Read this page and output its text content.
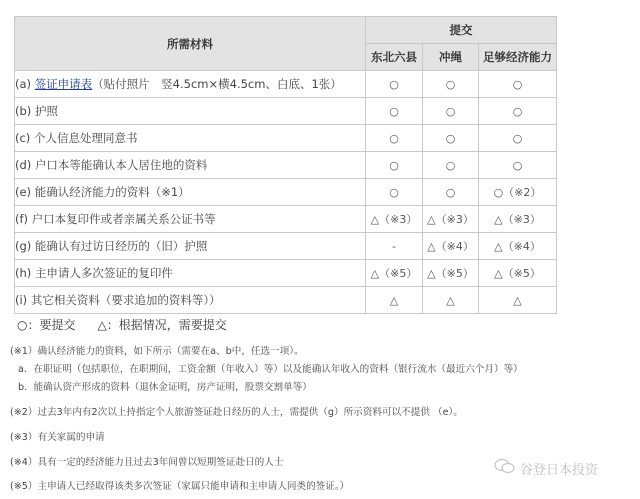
所需材料	提交		
	东北六县	冲绳	足够经济能力
(a) 签证申请表（贴付照片　竖4.5cm×横4.5cm、白底、1张）	○	○	○
(b) 护照	○	○	○
(c) 个人信息处理同意书	○	○	○
(d) 户口本等能确认本人居住地的资料	○	○	○
(e) 能确认经济能力的资料（※1）	○	○	○（※2）
(f) 户口本复印件或者亲属关系公证书等	△（※3）	△（※3）	△（※3）
(g) 能确认有过访日经历的（旧）护照	-	△（※4）	△（※4）
(h) 主申请人多次签证的复印件	△（※5）	△（※5）	△（※5）
(i) 其它相关资料（要求追加的资料等））	△	△	△
○：要提交 △：根据情况，需要提交
(※1）确认经济能力的资料，如下所示（需要在a、b中，任选一项）。
a．在职证明（包括职位，在职期间，工资金额（年收入）等）以及能确认年收入的资料（银行流水（最近六个月）等）
b．能确认资产形成的资料（退休金证明，房产证明，股票交割单等）
(※2）过去3年内有2次以上持指定个人旅游签证赴日经历的人士，需提供（g）所示资料可以不提供 （e）。
(※3）有关家属的申请
(※4）具有一定的经济能力且过去3年间曾以短期签证赴日的人士
(※5）主申请人已经取得该类多次签证（家属只能申请和主申请人同类的签证。）
谷登日本投资
